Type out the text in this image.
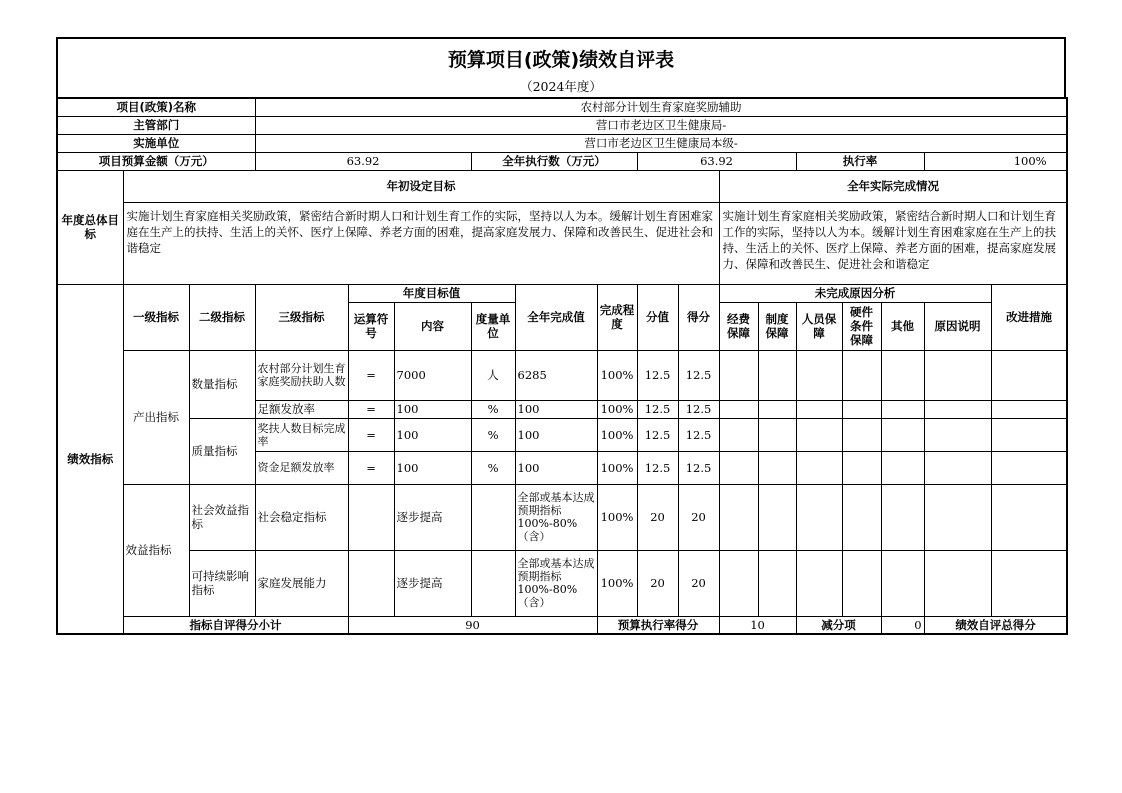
预算项目(政策)绩效自评表
（2024年度）
项目(政策)名称			农村部分计划生育家庭奖励辅助															
主管部门			营口市老边区卫生健康局-															
实施单位			营口市老边区卫生健康局本级-															
项目预算金额（万元）			63.92			全年执行数（万元）			63.92				执行率			100%		
年度总体目标	年初设定目标										全年实际完成情况							
	实施计划生育家庭相关奖励政策，紧密结合新时期人口和计划生育工作的实际，坚持以人为本。缓解计划生育困难家庭在生产上的扶持、生活上的关怀、医疗上保障、养老方面的困难，提高家庭发展力、保障和改善民生、促进社会和谐稳定										实施计划生育家庭相关奖励政策，紧密结合新时期人口和计划生育工作的实际，坚持以人为本。缓解计划生育困难家庭在生产上的扶持、生活上的关怀、医疗上保障、养老方面的困难，提高家庭发展力、保障和改善民生、促进社会和谐稳定							
绩效指标	一级指标	二级指标	三级指标	年度目标值			全年完成值	完成程度	分值	得分	未完成原因分析						改进措施	
				运算符号	内容	度量单位					经费保障	制度保障	人员保障	硬件条件保障	其他	原因说明		
	产出指标	数量指标	农村部分计划生育家庭奖励扶助人数	=	7000	人	6285	100%	12.5	12.5								
			足额发放率	=	100	%	100	100%	12.5	12.5								
		质量指标	奖扶人数目标完成率	=	100	%	100	100%	12.5	12.5								
			资金足额发放率	=	100	%	100	100%	12.5	12.5								
	效益指标	社会效益指标	社会稳定指标		逐步提高		全部或基本达成预期指标100%-80%（含）	100%	20	20								
		可持续影响指标	家庭发展能力		逐步提高		全部或基本达成预期指标100%-80%（含）	100%	20	20								
	指标自评得分小计			90				预算执行率得分			10		减分项		0	绩效自评总得分	
